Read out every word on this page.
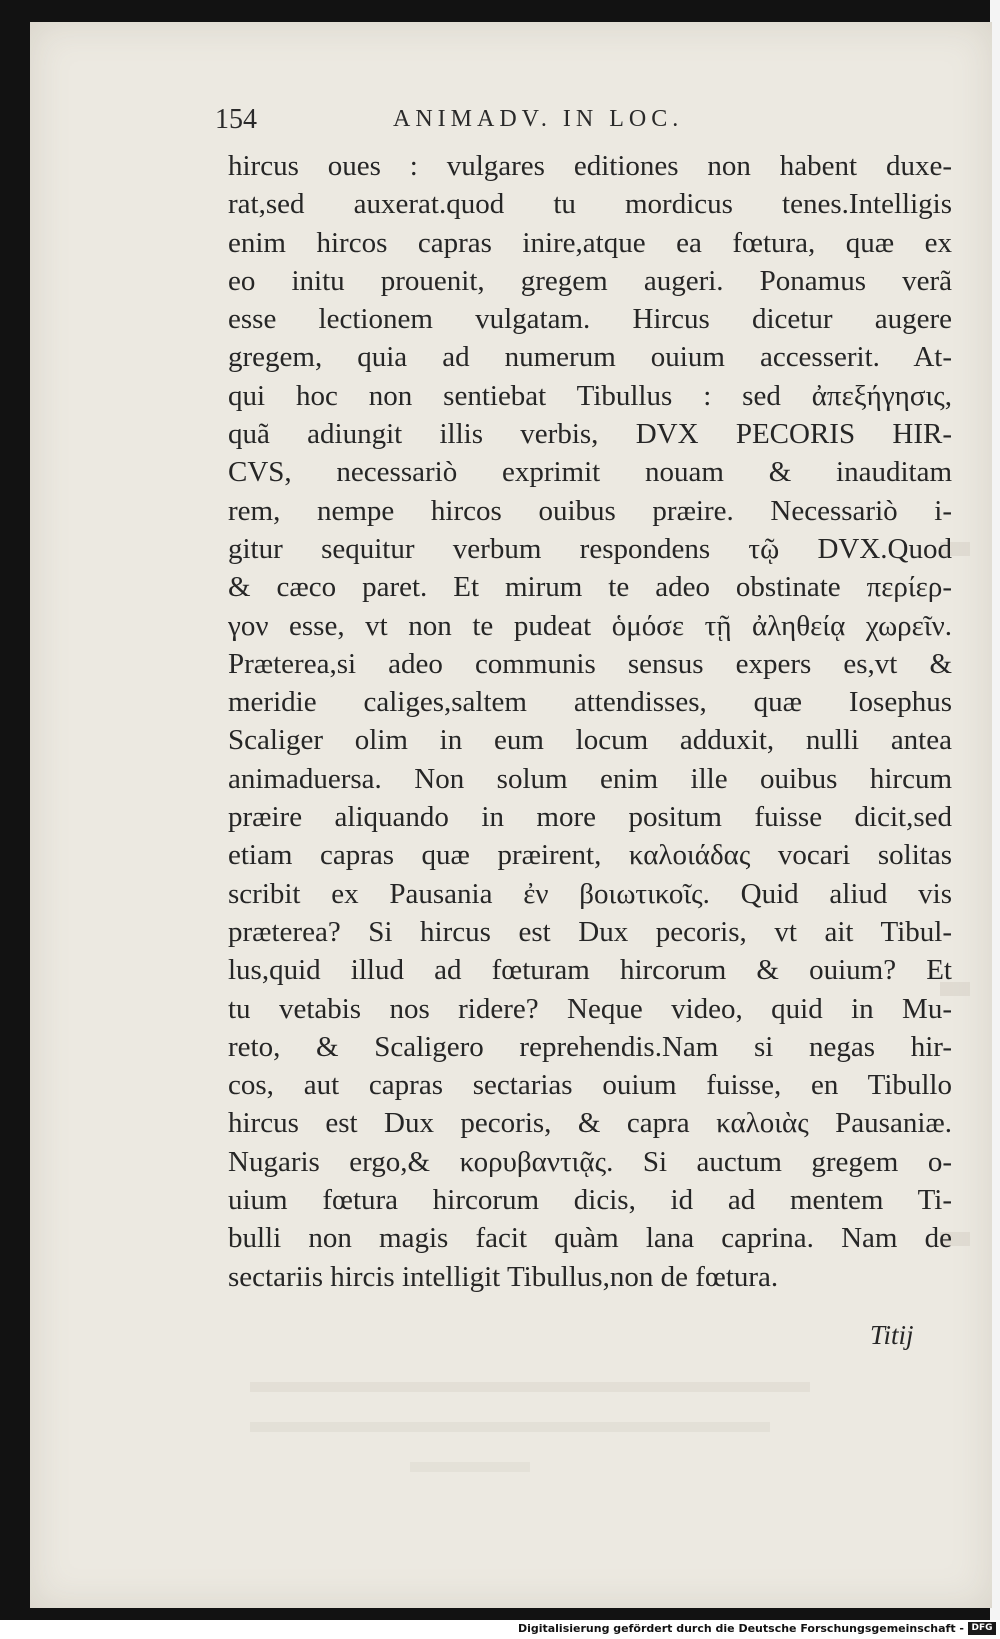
154	ANIMADV. IN LOC.
hircus oues : vulgares editiones non habent duxe-
rat,sed auxerat.quod tu mordicus tenes.Intelligis
enim hircos capras inire,atque ea fœtura, quæ ex
eo initu prouenit, gregem augeri. Ponamus verã
esse lectionem vulgatam. Hircus dicetur augere
gregem, quia ad numerum ouium accesserit. At-
qui hoc non sentiebat Tibullus : sed ἀπεξήγησις,
quã adiungit illis verbis, DVX PECORIS HIR-
CVS, necessariò exprimit nouam & inauditam
rem, nempe hircos ouibus præire. Necessariò i-
gitur sequitur verbum respondens τῷ DVX.Quod
& cæco paret. Et mirum te adeo obstinate περίερ-
γον esse, vt non te pudeat ὁμόσε τῇ ἀληθείᾳ χωρεῖν.
Præterea,si adeo communis sensus expers es,vt &
meridie caliges,saltem attendisses, quæ Iosephus
Scaliger olim in eum locum adduxit, nulli antea
animaduersa. Non solum enim ille ouibus hircum
præire aliquando in more positum fuisse dicit,sed
etiam capras quæ præirent, καλοιάδας vocari solitas
scribit ex Pausania ἐν βοιωτικοῖς. Quid aliud vis
præterea? Si hircus est Dux pecoris, vt ait Tibul-
lus,quid illud ad fœturam hircorum & ouium? Et
tu vetabis nos ridere? Neque video, quid in Mu-
reto, & Scaligero reprehendis.Nam si negas hir-
cos, aut capras sectarias ouium fuisse, en Tibullo
hircus est Dux pecoris, & capra καλοιὰς Pausaniæ.
Nugaris ergo,& κορυβαντιᾷς. Si auctum gregem o-
uium fœtura hircorum dicis, id ad mentem Ti-
bulli non magis facit quàm lana caprina. Nam de
sectariis hircis intelligit Tibullus,non de fœtura.
Titij
Digitalisierung gefördert durch die Deutsche Forschungsgemeinschaft - DFG
